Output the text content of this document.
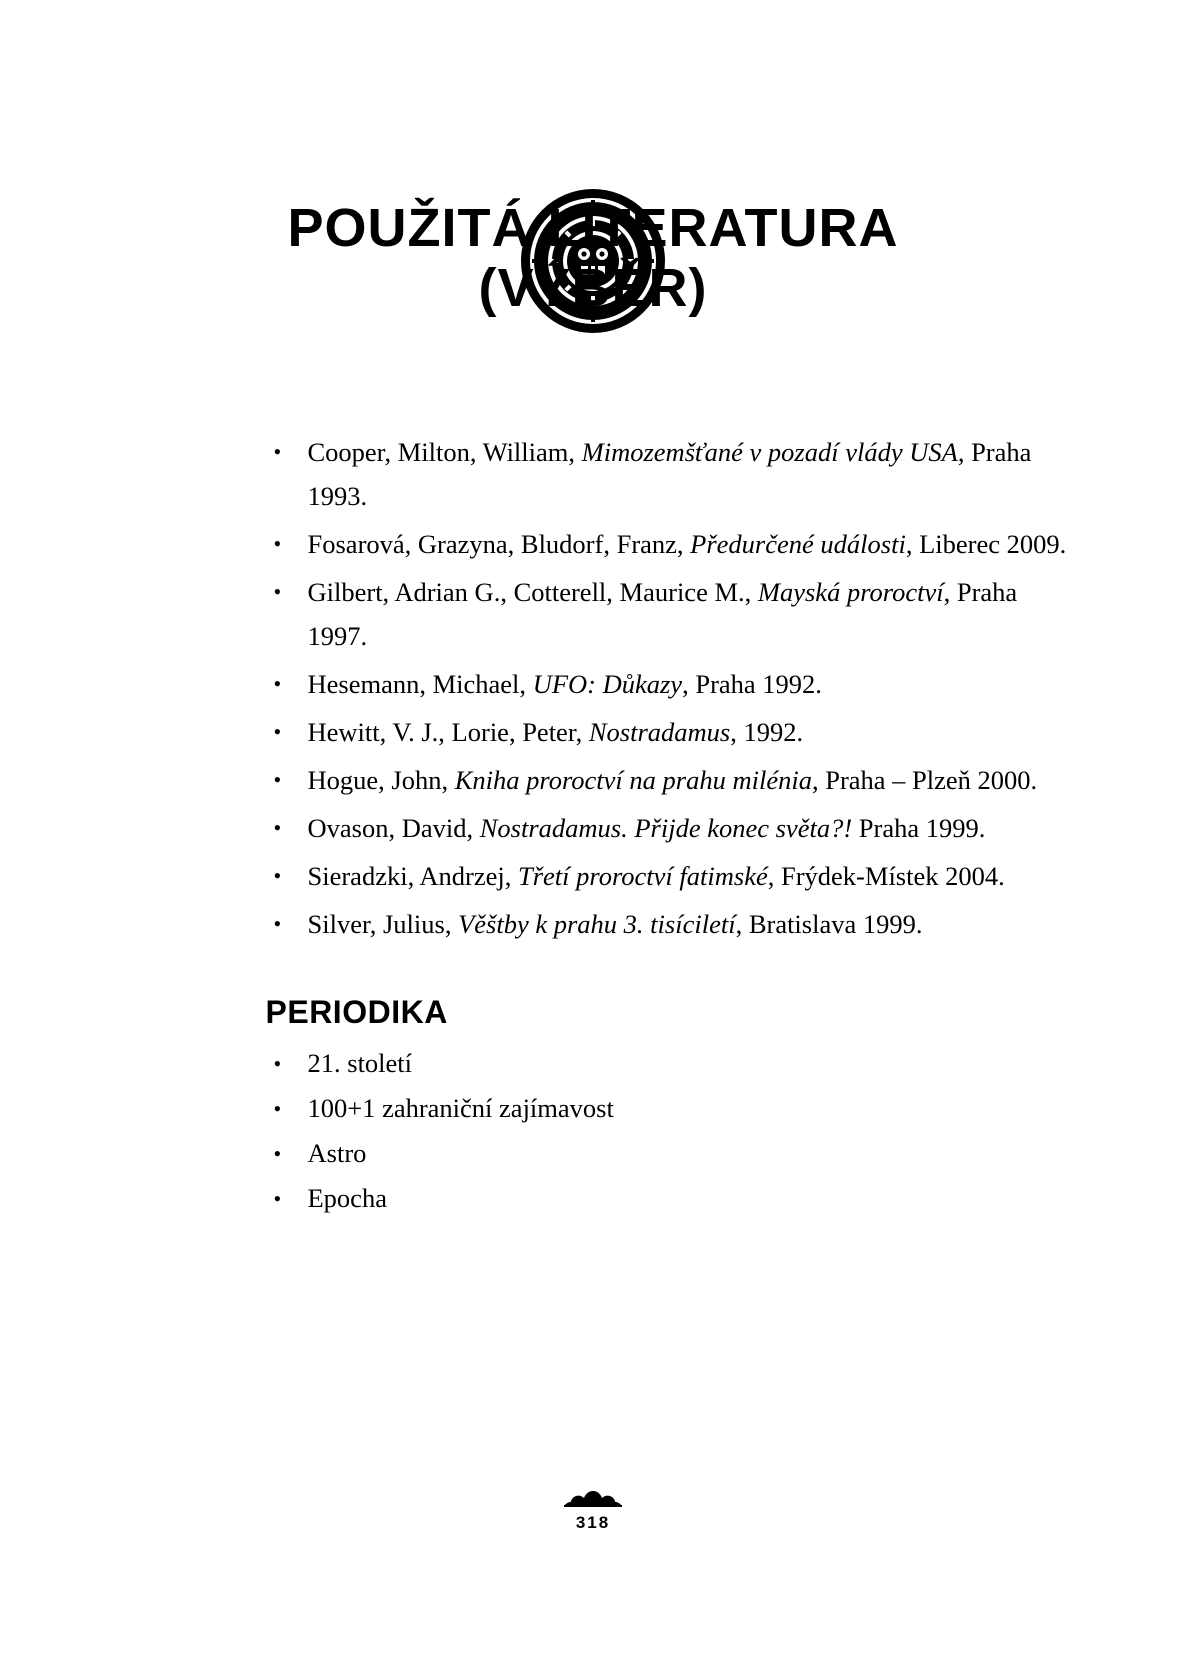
POUŽITÁ LITERATURA
(VÝBĚR)
• Cooper, Milton, William, Mimozemšťané v pozadí vlády USA, Praha 1993.
• Fosarová, Grazyna, Bludorf, Franz, Předurčené události, Liberec 2009.
• Gilbert, Adrian G., Cotterell, Maurice M., Mayská proroctví, Praha 1997.
• Hesemann, Michael, UFO: Důkazy, Praha 1992.
• Hewitt, V. J., Lorie, Peter, Nostradamus, 1992.
• Hogue, John, Kniha proroctví na prahu milénia, Praha – Plzeň 2000.
• Ovason, David, Nostradamus. Přijde konec světa?! Praha 1999.
• Sieradzki, Andrzej, Třetí proroctví fatimské, Frýdek-Místek 2004.
• Silver, Julius, Věštby k prahu 3. tisíciletí, Bratislava 1999.
PERIODIKA
• 21. století
• 100+1 zahraniční zajímavost
• Astro
• Epocha
318
